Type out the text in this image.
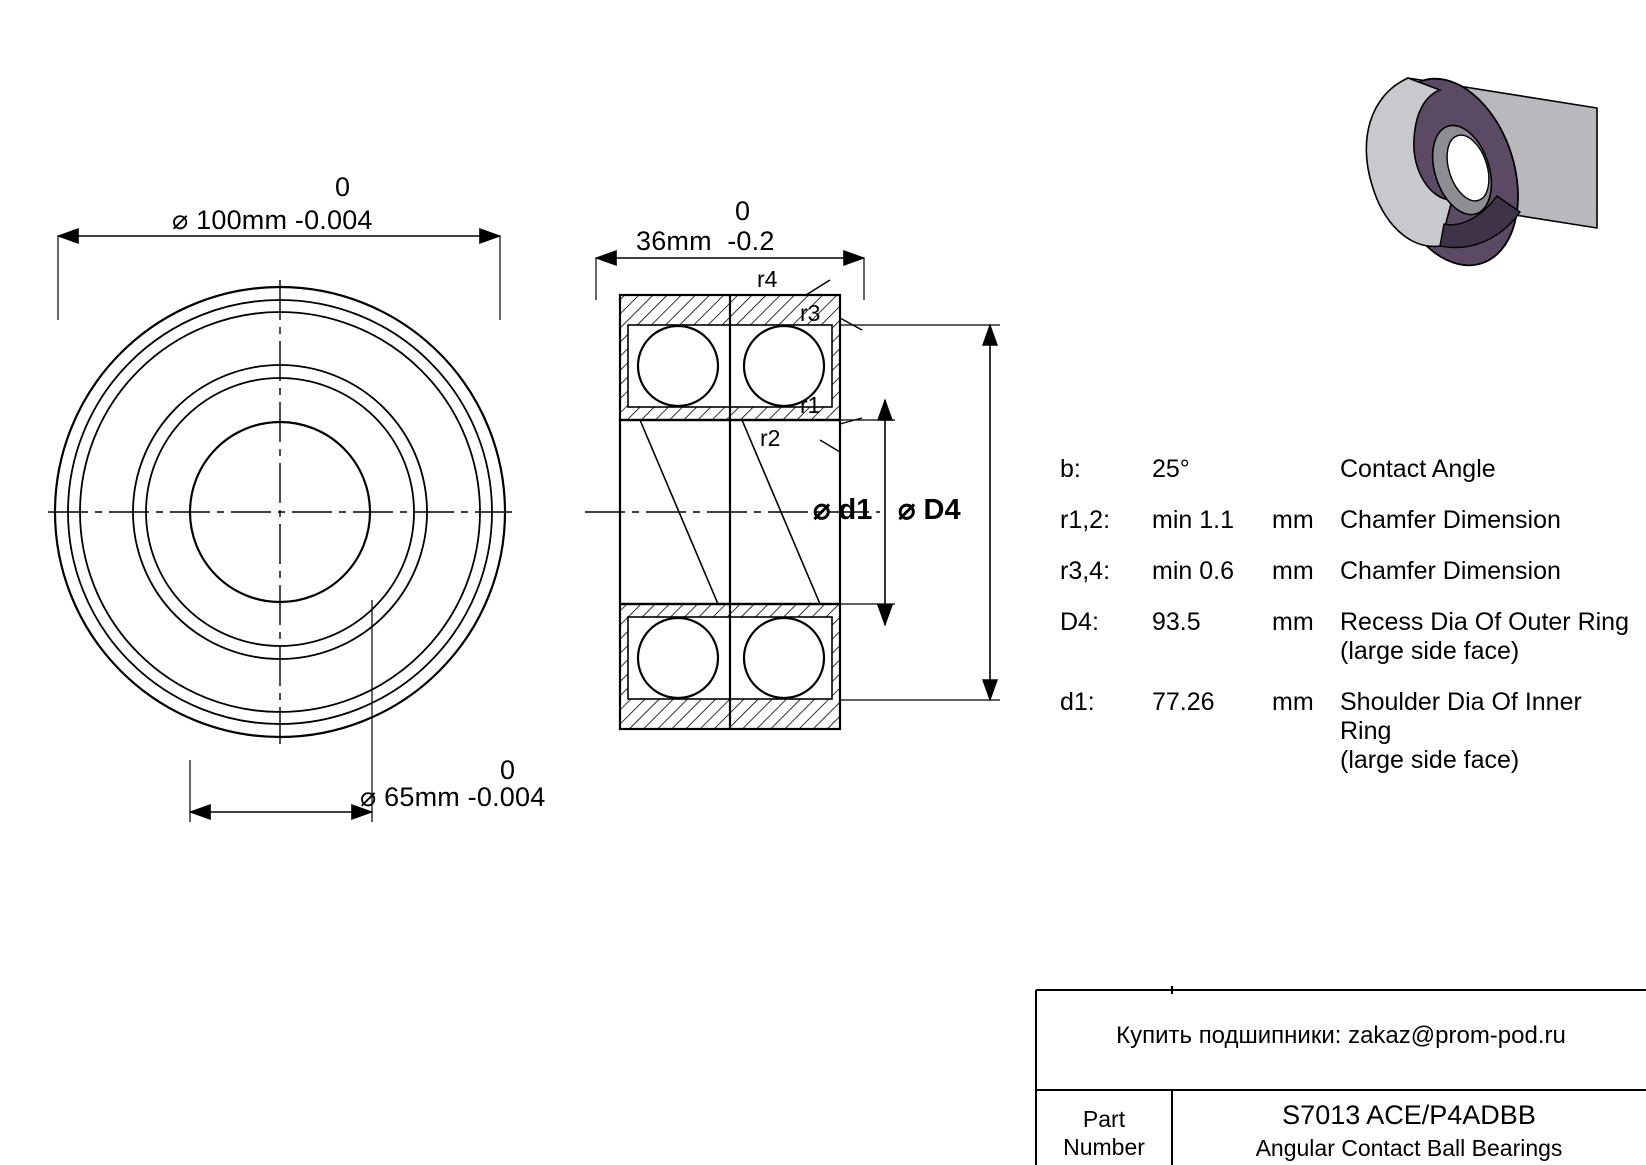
0
⌀ 100mm -0.004
0
⌀ 65mm -0.004
0
36mm  -0.2
r4
r3
r1
r2
⌀ d1 ⌀ D4
b:	25°	Contact Angle
r1,2:	min 1.1	mm	Chamfer Dimension
r3,4:	min 0.6	mm	Chamfer Dimension
D4:	93.5	mm	Recess Dia Of Outer Ring
(large side face)
d1:	77.26	mm	Shoulder Dia Of Inner Ring
(large side face)
Купить подшипники: zakaz@prom-pod.ru
Part
Number
S7013 ACE/P4ADBB
Angular Contact Ball Bearings
